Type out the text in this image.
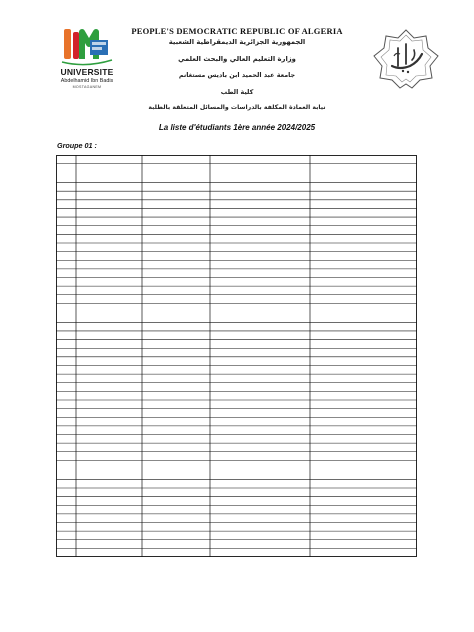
UNIVERSITE
Abdelhamid Ibn Badis
MOSTAGANEM
PEOPLE'S DEMOCRATIC REPUBLIC OF ALGERIA
الجمهورية الجزائرية الديمقراطية الشعبية
وزارة التعليم العالي والبحث العلمي
جامعة عبد الحميد ابن باديس مستغانم
كلية الطب
نيابة العمادة المكلفة بالدراسات والمسائل المتعلقة بالطلبة
La liste d'étudiants 1ère année 2024/2025
Groupe 01 :
